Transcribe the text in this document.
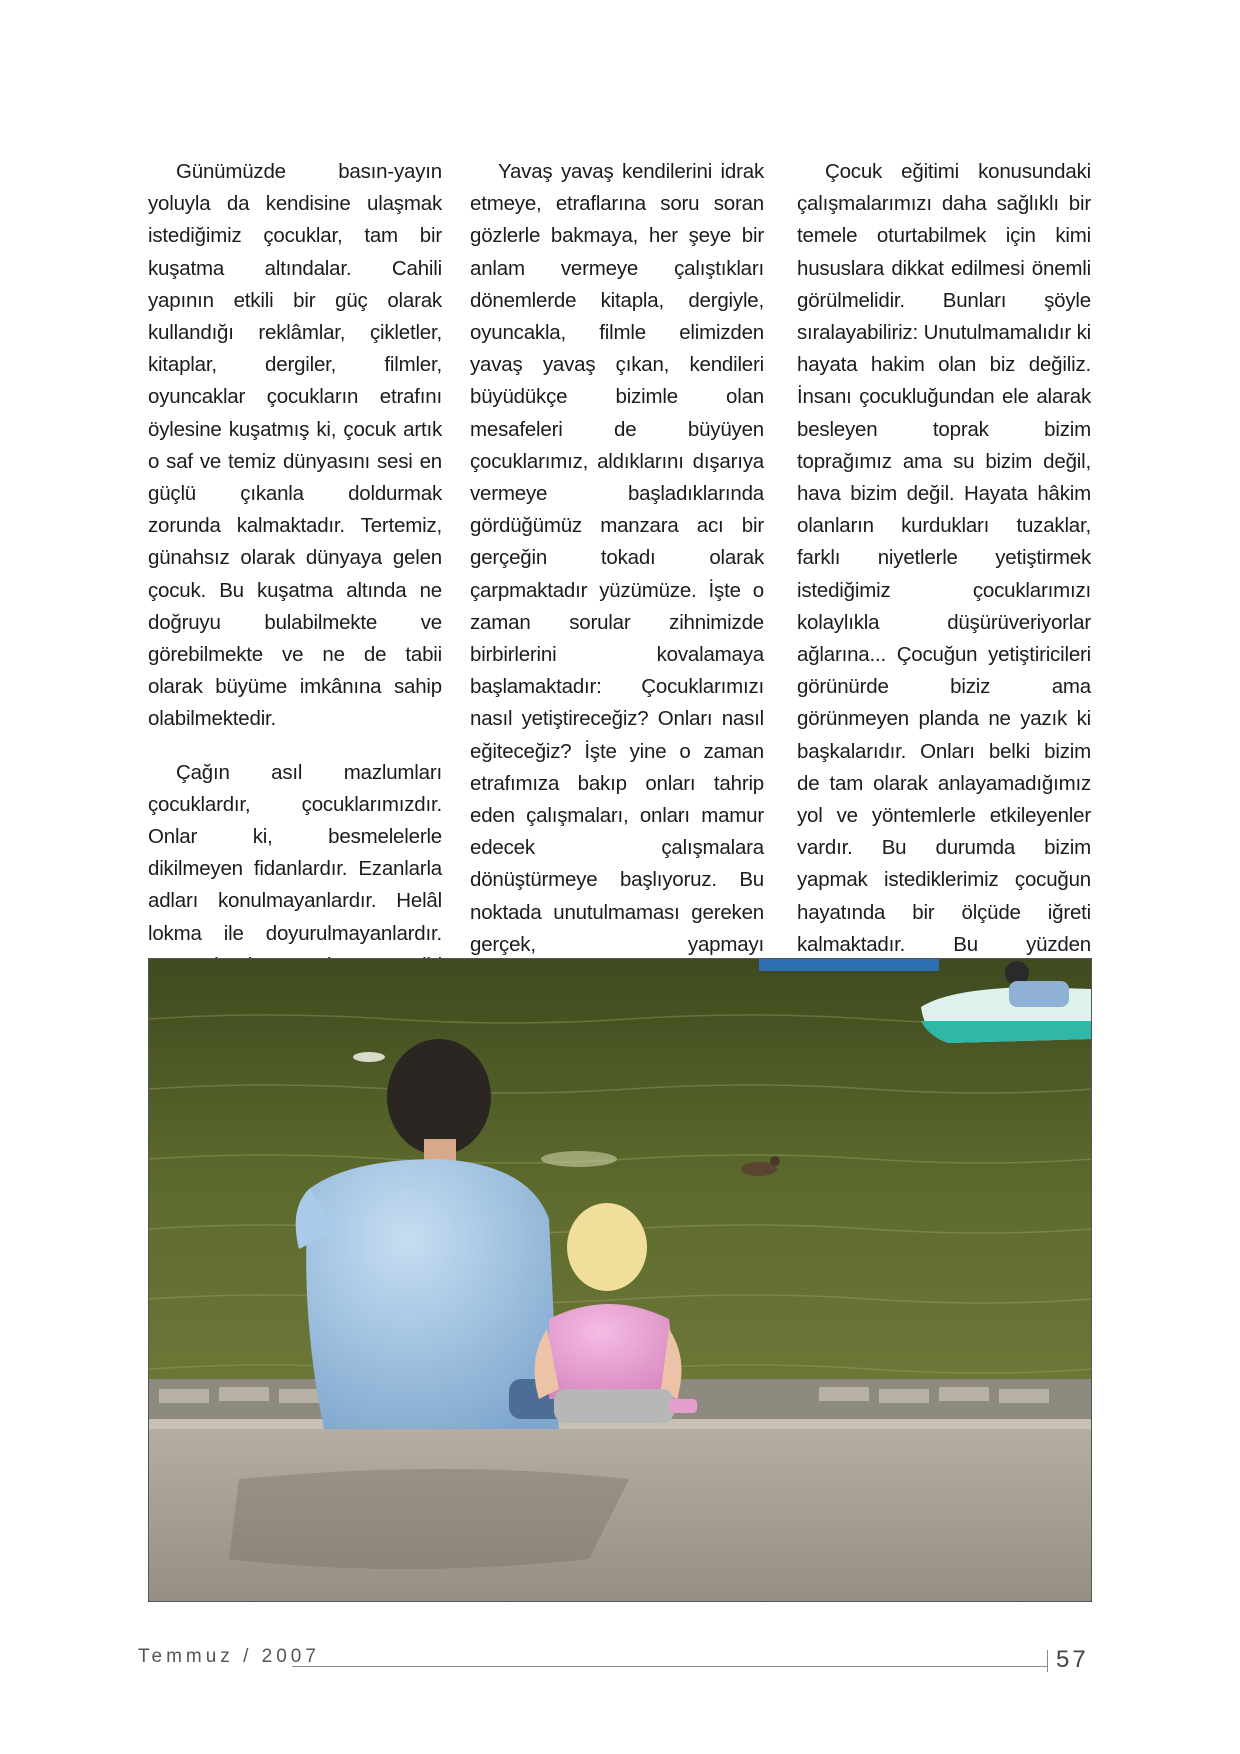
Günümüzde basın-yayın yoluyla da kendisine ulaşmak istediğimiz çocuklar, tam bir kuşatma altındalar. Cahili yapının etkili bir güç olarak kullandığı reklâmlar, çikletler, kitaplar, dergiler, filmler, oyuncaklar çocukların etrafını öylesine kuşatmış ki, çocuk artık o saf ve temiz dünyasını sesi en güçlü çıkanla doldurmak zorunda kalmaktadır. Tertemiz, günahsız olarak dünyaya gelen çocuk. Bu kuşatma altında ne doğruyu bulabilmekte ve görebilmekte ve ne de tabii olarak büyüme imkânına sahip olabilmektedir.

Çağın asıl mazlumları çocuklardır, çocuklarımızdır. Onlar ki, besmelelerle dikilmeyen fidanlardır. Ezanlarla adları konulmayanlardır. Helâl lokma ile doyurulmayanlardır.

Yavaş yavaş kendilerini idrak etmeye, etraflarına soru soran gözlerle bakmaya, her şeye bir anlam vermeye çalıştıkları dönemlerde kitapla, dergiyle, oyuncakla, filmle elimizden yavaş yavaş çıkan, kendileri büyüdükçe bizimle olan mesafeleri de büyüyen çocuklarımız, aldıklarını dışarıya vermeye başladıklarında gördüğümüz manzara acı bir gerçeğin tokadı olarak çarpmaktadır yüzümüze. İşte o zaman sorular zihnimizde birbirlerini kovalamaya başlamaktadır: Çocuklarımızı nasıl yetiştireceğiz? Onları nasıl eğiteceğiz? İşte yine o zaman etrafımıza bakıp onları tahrip eden çalışmaları, onları mamur edecek çalışmalara dönüştürmeye başlıyoruz. Bu noktada unutulmaması gereken gerçek, yapmayı

Çocuk eğitimi konusundaki çalışmalarımızı daha sağlıklı bir temele oturtabilmek için kimi hususlara dikkat edilmesi önemli görülmelidir. Bunları şöyle sıralayabiliriz: Unutulmamalıdır ki hayata hakim olan biz değiliz. İnsanı çocukluğundan ele alarak besleyen toprak bizim toprağımız ama su bizim değil, hava bizim değil. Hayata hâkim olanların kurdukları tuzaklar, farklı niyetlerle yetiştirmek istediğimiz çocuklarımızı kolaylıkla düşürüveriyorlar ağlarına... Çocuğun yetiştiricileri görünürde biziz ama görünmeyen planda ne yazık ki başkalarıdır. Onları belki bizim de tam olarak anlayamadığımız yol ve yöntemlerle etkileyenler vardır. Bu durumda bizim yapmak istediklerimiz çocuğun hayatında bir ölçüde iğreti kalmaktadır. Bu yüzden

Temmuz / 2007	57
